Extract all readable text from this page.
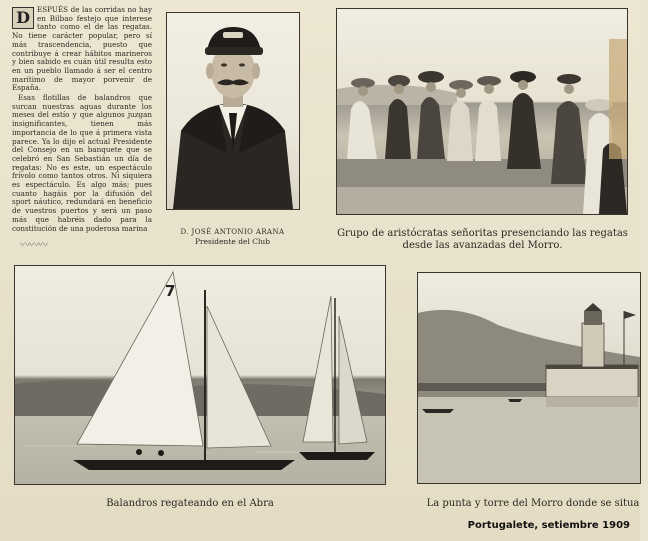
D ESPUÉS de las corridas no hay en Bilbao festejo que interese tanto como el de las regatas. No tiene carácter popular, pero sí más trascendencia, puesto que contribuye á crear hábitos marineros y bien sabido es cuán útil resulta esto en un pueblo llamado á ser el centro marítimo de mayor porvenir de España.

Esas flotillas de balandros que surcan nuestras aguas durante los meses del estío y que algunos juzgan insignificantes, tienen más importancia de lo que á primera vista parece. Ya lo dijo el actual Presidente del Consejo en un banquete que se celebró en San Sebastián un día de regatas: No es este, un espectáculo frívolo como tantos otros. Ni siquiera es espectáculo. Es algo más; pues cuanto hagáis por la difusión del sport náutico, redundará en beneficio de vuestros puertos y será un paso más que habréis dado para la constitución de una poderosa marina

〰〰〰
D. JOSÉ ANTONIO ARANA
Presidente del Club
Grupo de aristócratas señoritas presenciando las regatas desde las avanzadas del Morro.
7
Balandros regateando en el Abra	La punta y torre del Morro donde se situa
Portugalete, setiembre 1909
